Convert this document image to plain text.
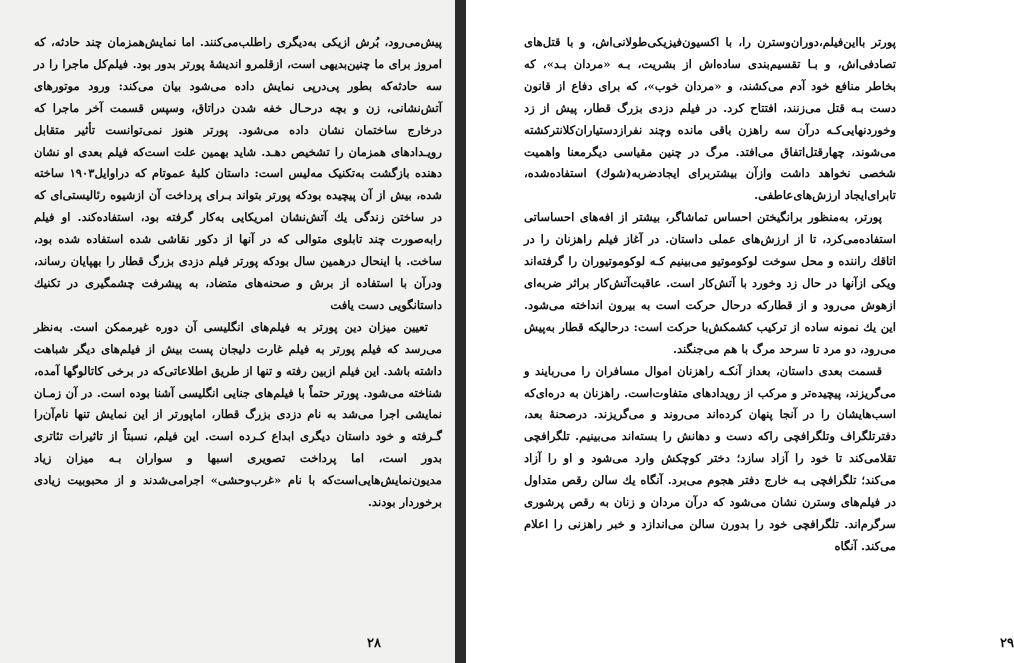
پیش‌می‌رود، بُرش ازیکی به‌دیگری راطلب‌می‌کنند. اما نمایش‌همزمان چند حادثه، که امروز برای ما چنین‌بدیهی است، ازقلمرو اندیشهٔ پورتر بدور بود. فیلم‌کل ماجرا را در سه حادثه‌که بطور پی‌درپی نمایش داده می‌شود بیان می‌کند: ورود موتورهای آتش‌نشانی، زن و بچه درحـال خفه شدن دراتاق، وسپس قسمت آخر ماجرا که درخارج ساختمان نشان داده می‌شود. پورتر هنوز نمی‌توانست تأثیر متقابل رویـدادهای همزمان را تشخیص دهـد. شاید بهمین علت است‌که فیلم بعدی او نشان دهنده بازگشت به‌تکنیک مه‌لیس است: داستان کلبهٔ عموتام که دراوایل۱۹۰۳ ساخته شده، بیش از آن پیچیده بودکه پورتر بتواند بـرای پرداخت آن ازشیوه رئالیستی‌ای که در ساختن زندگی یك آتش‌نشان امریکایی به‌کار گرفته بود، استفاده‌کند. او فیلم رابه‌صورت چند تابلوی متوالی که در آنها از دکور نقاشی شده استفاده شده بود، ساخت. با اینحال درهمین سال بودکه پورتر فیلم دزدی بزرگ قطار را بهپایان رساند، ودرآن با استفاده از برش و صحنه‌های متضاد، به پیشرفت چشمگیری در تکنیك داستانگویی دست یافت

تعیین میزان دین پورتر به فیلم‌های انگلیسی آن دوره غیرممکن است. به‌نظر می‌رسد که فیلم پورتر به فیلم غارت دلیجان پست بیش از فیلم‌های دیگر شباهت داشته باشد. این فیلم ازبین رفته و تنها از طریق اطلاعاتی‌که در برخی کاتالوگها آمده، شناخته می‌شود. پورتر حتماً با فیلم‌های جنایی انگلیسی آشنا بوده است. در آن زمـان نمایشی اجرا می‌شد به نام دزدی بزرگ قطار، اماپورتر از این نمایش تنها نام‌آن‌را گـرفته و خود داستان دیگری ابداع کـرده است. این فیلم، نسبتاً از تاثیرات تئاتری بدور است، اما پرداخت تصویری اسبها و سواران بـه میزان زیاد مدیون‌نمایش‌هایی‌است‌که با نام «غرب‌وحشی» اجرامی‌شدند و از محبوبیت زیادی برخوردار بودند.

۲۸

پورتر بااین‌فیلم،دوران‌وسترن را، با اکسیون‌فیزیکی‌طولانی‌اش، و با قتل‌های تصادفی‌اش، و بـا تقسیم‌بندی ساده‌اش از بشریت، بـه «مردان بـد»، که بخاطر منافع خود آدم می‌کشند، و «مردان خوب»، که برای دفاع از قانون دست بـه قتل می‌زنند، افتتاح کرد. در فیلم دزدی بزرگ قطار، پیش از زد وخوردنهایی‌کـه درآن سه راهزن باقی مانده وچند نفرازدستیاران‌کلانتر‌کشته می‌شوند، چهارقتل‌اتفاق می‌افتد. مرگ در چنین مقیاسی دیگرمعنا واهمیت شخصی نخواهد داشت وازآن بیشتربرای ایجادضربه(شوك) استفاده‌شده، تابرای‌ایجاد ارزش‌های‌عاطفی.

پورتر، به‌منظور برانگیختن احساس تماشاگر، بیشتر از افه‌های احساساتی استفاده‌می‌کرد، تا از ارزش‌های عملی داستان. در آغاز فیلم راهزنان را در اتاقك راننده و محل سوخت لوکوموتیو می‌بینیم کـه لوکوموتیوران را گرفته‌اند ویکی ازآنها در حال زد وخورد با آتش‌کار است. عاقبت‌آتش‌کار براثر ضربه‌ای ازهوش می‌رود و از قطارکه درحال حرکت است به بیرون انداخته می‌شود. این یك نمونه ساده از ترکیب کشمکش‌با حرکت است: درحالیکه قطار به‌پیش می‌رود، دو مرد تا سرحد مرگ با هم می‌جنگند.

قسمت بعدی داستان، بعداز آنکـه راهزنان اموال مسافران را می‌ربایند و می‌گریزند، پیچیده‌تر و مرکب از رویدادهای متفاوت‌است. راهزنان به دره‌ای‌که اسب‌هایشان را در آنجا پنهان کرده‌اند می‌روند و می‌گریزند. درصحنهٔ بعد، دفترتلگراف وتلگرافچی راکه دست و دهانش را بسته‌اند می‌بینیم. تلگرافچی تقلامی‌کند تا خود را آزاد سازد؛ دختر کوچکش وارد می‌شود و او را آزاد می‌کند؛ تلگرافچی بـه خارج دفتر هجوم می‌برد. آنگاه یك سالن رقص متداول در فیلم‌های وسترن نشان می‌شود که درآن مردان و زنان به رقص پرشوری سرگرم‌اند. تلگرافچی خود را بدورن سالن می‌اندازد و خبر راهزنی را اعلام می‌کند. آنگاه

۲۹
